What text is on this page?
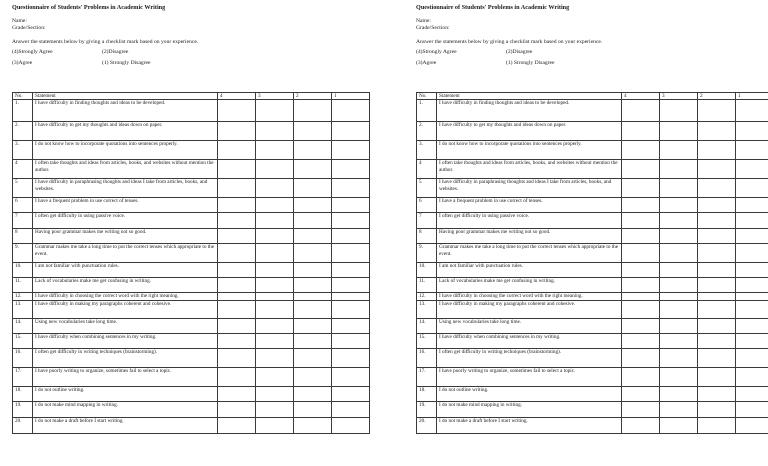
Questionnaire of Students' Problems in Academic Writing
Name:
Grade/Section:
Answer the statements below by giving a checklist mark based on your experience.
(4)Strongly Agree	(2)Disagree
(3)Agree	(1) Strongly Disagree
No.	Statement	4	3	2	1
1.	I have difficulty in finding thoughts and ideas to be developed.				
2.	I have difficulty to get my thoughts and ideas down on paper.				
3.	I do not know how to incorporate quotations into sentences properly.				
4	I often take thoughts and ideas from articles, books, and websites without mention the author.				
5	I have difficulty in paraphrasing thoughts and ideas I take from articles, books, and websites.				
6	I have a frequent problem in use correct of tenses.				
7	I often get difficulty in using passive voice.				
8	Having poor grammar makes me writing not so good.				
9.	Grammar makes me take a long time to put the correct tenses which appropriate to the event.				
10.	I am not familiar with punctuation rules.				
11.	Lack of vocabularies make me get confusing in writing.				
12.	I have difficulty in choosing the correct word with the right meaning.				
13.	I have difficulty in making my paragraphs coherent and cohesive.				
14.	Using new vocabularies take long time.				
15.	I have difficulty when combining sentences in my writing.				
16.	I often get difficulty in writing techniques (brainstorming).				
17.	I have poorly writing to organize, sometimes fail to select a topic.				
18.	I do not outline writing.				
19.	I do not make mind mapping in writing.				
20.	I do not make a draft before I start writing.				
Questionnaire of Students' Problems in Academic Writing
Name:
Grade/Section:
Answer the statements below by giving a checklist mark based on your experience.
(4)Strongly Agree	(2)Disagree
(3)Agree	(1) Strongly Disagree
No.	Statement	4	3	2	1
1.	I have difficulty in finding thoughts and ideas to be developed.				
2.	I have difficulty to get my thoughts and ideas down on paper.				
3.	I do not know how to incorporate quotations into sentences properly.				
4	I often take thoughts and ideas from articles, books, and websites without mention the author.				
5	I have difficulty in paraphrasing thoughts and ideas I take from articles, books, and websites.				
6	I have a frequent problem in use correct of tenses.				
7	I often get difficulty in using passive voice.				
8	Having poor grammar makes me writing not so good.				
9.	Grammar makes me take a long time to put the correct tenses which appropriate to the event.				
10.	I am not familiar with punctuation rules.				
11.	Lack of vocabularies make me get confusing in writing.				
12.	I have difficulty in choosing the correct word with the right meaning.				
13.	I have difficulty in making my paragraphs coherent and cohesive.				
14.	Using new vocabularies take long time.				
15.	I have difficulty when combining sentences in my writing.				
16.	I often get difficulty in writing techniques (brainstorming).				
17.	I have poorly writing to organize, sometimes fail to select a topic.				
18.	I do not outline writing.				
19.	I do not make mind mapping in writing.				
20.	I do not make a draft before I start writing.				
